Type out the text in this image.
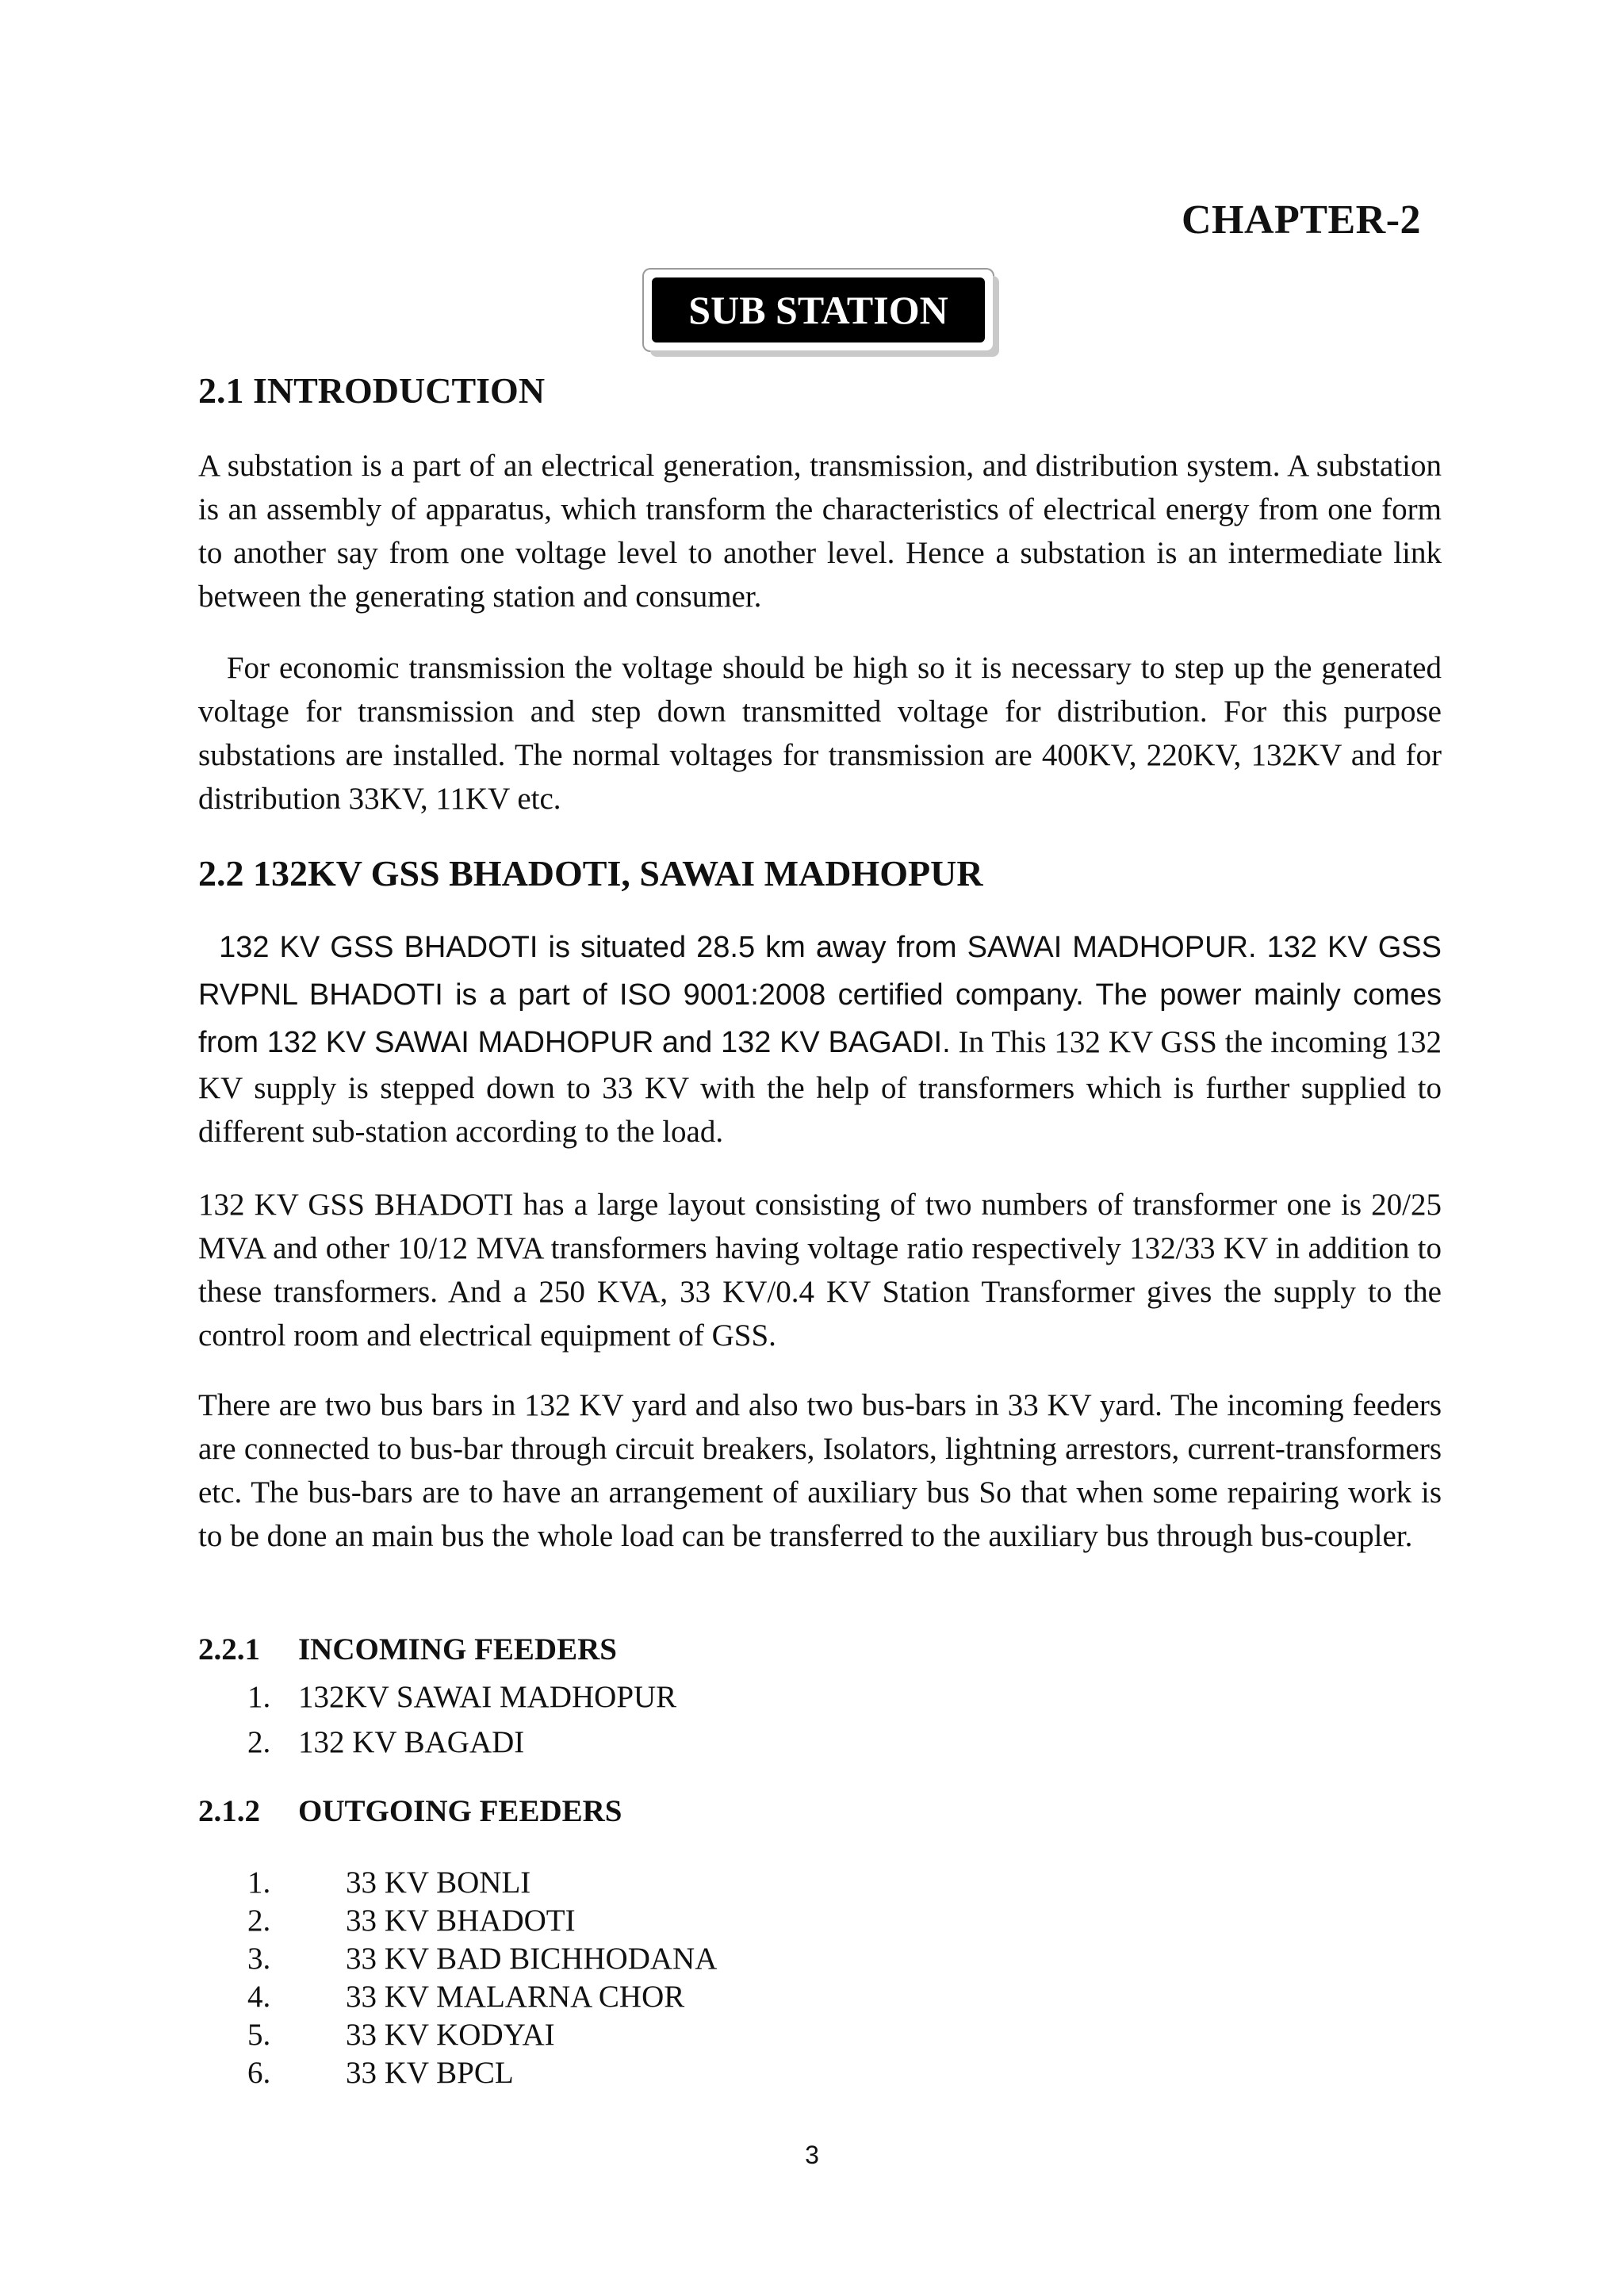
CHAPTER-2
SUB STATION
2.1 INTRODUCTION

A substation is a part of an electrical generation, transmission, and distribution system. A substation is an assembly of apparatus, which transform the characteristics of electrical energy from one form to another say from one voltage level to another level. Hence a substation is an intermediate link between the generating station and consumer.

For economic transmission the voltage should be high so it is necessary to step up the generated voltage for transmission and step down transmitted voltage for distribution. For this purpose substations are installed. The normal voltages for transmission are 400KV, 220KV, 132KV and for distribution 33KV, 11KV etc.

2.2 132KV GSS BHADOTI, SAWAI MADHOPUR
132 KV GSS BHADOTI is situated 28.5 km away from SAWAI MADHOPUR. 132 KV GSS RVPNL BHADOTI is a part of ISO 9001:2008 certified company. The power mainly comes from 132 KV SAWAI MADHOPUR and 132 KV BAGADI. In This 132 KV GSS the incoming 132 KV supply is stepped down to 33 KV with the help of transformers which is further supplied to different sub-station according to the load.

132 KV GSS BHADOTI has a large layout consisting of two numbers of transformer one is 20/25 MVA and other 10/12 MVA transformers having voltage ratio respectively 132/33 KV in addition to these transformers. And a 250 KVA, 33 KV/0.4 KV Station Transformer gives the supply to the control room and electrical equipment of GSS.

There are two bus bars in 132 KV yard and also two bus-bars in 33 KV yard. The incoming feeders are connected to bus-bar through circuit breakers, Isolators, lightning arrestors, current-transformers etc. The bus-bars are to have an arrangement of auxiliary bus So that when some repairing work is to be done an main bus the whole load can be transferred to the auxiliary bus through bus-coupler.

2.2.1 INCOMING FEEDERS
1. 132KV SAWAI MADHOPUR
2. 132 KV BAGADI
2.1.2 OUTGOING FEEDERS
1. 33 KV BONLI
2. 33 KV BHADOTI
3. 33 KV BAD BICHHODANA
4. 33 KV MALARNA CHOR
5. 33 KV KODYAI
6. 33 KV BPCL
3
